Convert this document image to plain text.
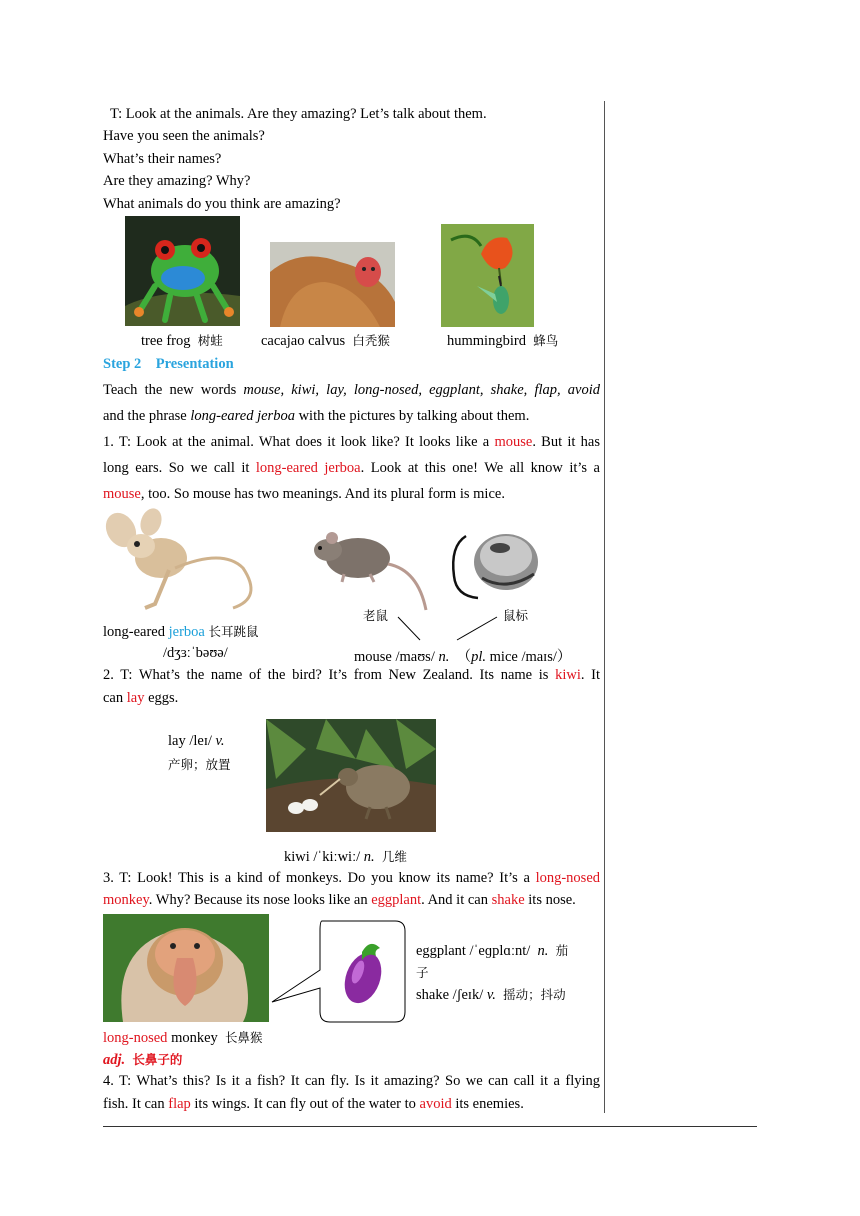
T: Look at the animals. Are they amazing? Let’s talk about them.
Have you seen the animals?
What’s their names?
Are they amazing? Why?
What animals do you think are amazing?
tree frog 树蛙	cacajao calvus 白秃猴	hummingbird 蜂鸟
Step 2 Presentation
Teach the new words mouse, kiwi, lay, long-nosed, eggplant, shake, flap, avoid
and the phrase long-eared jerboa with the pictures by talking about them.
1. T: Look at the animal. What does it look like? It looks like a mouse. But it has
long ears. So we call it long-eared jerboa. Look at this one! We all know it’s a
mouse, too. So mouse has two meanings. And its plural form is mice.
老鼠	鼠标
long-eared jerboa 长耳跳鼠
/dʒɜːˈbəʊə/	mouse /maʊs/ n. （pl. mice /maɪs/）
2. T: What’s the name of the bird? It’s from New Zealand. Its name is kiwi. It
can lay eggs.
lay /leɪ/ v.
产卵；放置
kiwi /ˈkiːwiː/ n. 几维
3. T: Look! This is a kind of monkeys. Do you know its name? It’s a long-nosed
monkey. Why? Because its nose looks like an eggplant. And it can shake its nose.
eggplant /ˈeɡplɑːnt/ n. 茄
子
shake /ʃeɪk/ v. 摇动；抖动
long-nosed monkey 长鼻猴
adj. 长鼻子的
4. T: What’s this? Is it a fish? It can fly. Is it amazing? So we can call it a flying
fish. It can flap its wings. It can fly out of the water to avoid its enemies.
